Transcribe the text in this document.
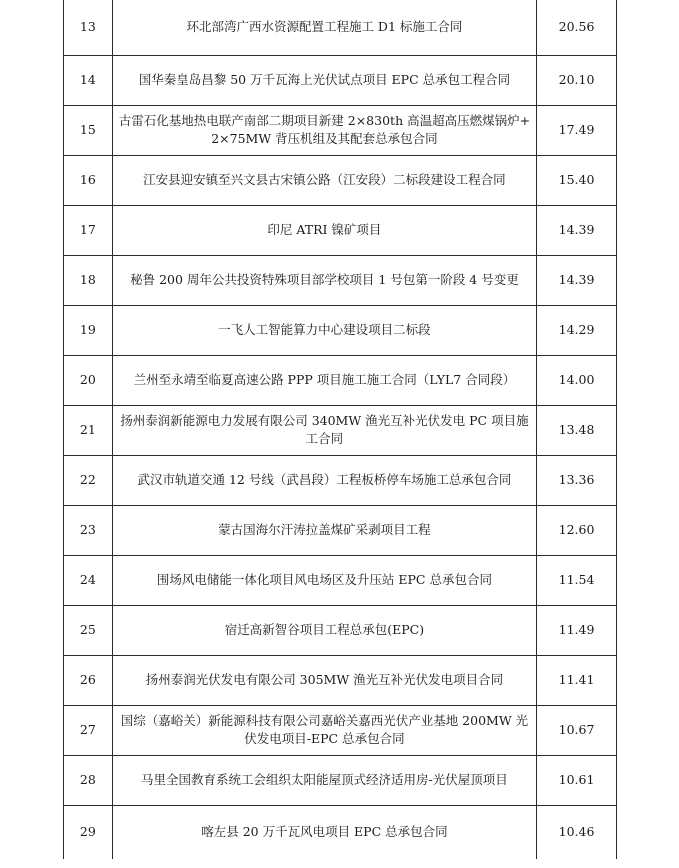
13	环北部湾广西水资源配置工程施工 D1 标施工合同	20.56
14	国华秦皇岛昌黎 50 万千瓦海上光伏试点项目 EPC 总承包工程合同	20.10
15	古雷石化基地热电联产南部二期项目新建 2×830th 高温超高压燃煤锅炉+2×75MW 背压机组及其配套总承包合同	17.49
16	江安县迎安镇至兴文县古宋镇公路（江安段）二标段建设工程合同	15.40
17	印尼 ATRI 镍矿项目	14.39
18	秘鲁 200 周年公共投资特殊项目部学校项目 1 号包第一阶段 4 号变更	14.39
19	一飞人工智能算力中心建设项目二标段	14.29
20	兰州至永靖至临夏高速公路 PPP 项目施工施工合同（LYL7 合同段）	14.00
21	扬州泰润新能源电力发展有限公司 340MW 渔光互补光伏发电 PC 项目施工合同	13.48
22	武汉市轨道交通 12 号线（武昌段）工程板桥停车场施工总承包合同	13.36
23	蒙古国海尔汗涛拉盖煤矿采剥项目工程	12.60
24	围场风电储能一体化项目风电场区及升压站 EPC 总承包合同	11.54
25	宿迁高新智谷项目工程总承包(EPC)	11.49
26	扬州泰润光伏发电有限公司 305MW 渔光互补光伏发电项目合同	11.41
27	国综（嘉峪关）新能源科技有限公司嘉峪关嘉西光伏产业基地 200MW 光伏发电项目-EPC 总承包合同	10.67
28	马里全国教育系统工会组织太阳能屋顶式经济适用房-光伏屋顶项目	10.61
29	喀左县 20 万千瓦风电项目 EPC 总承包合同	10.46
